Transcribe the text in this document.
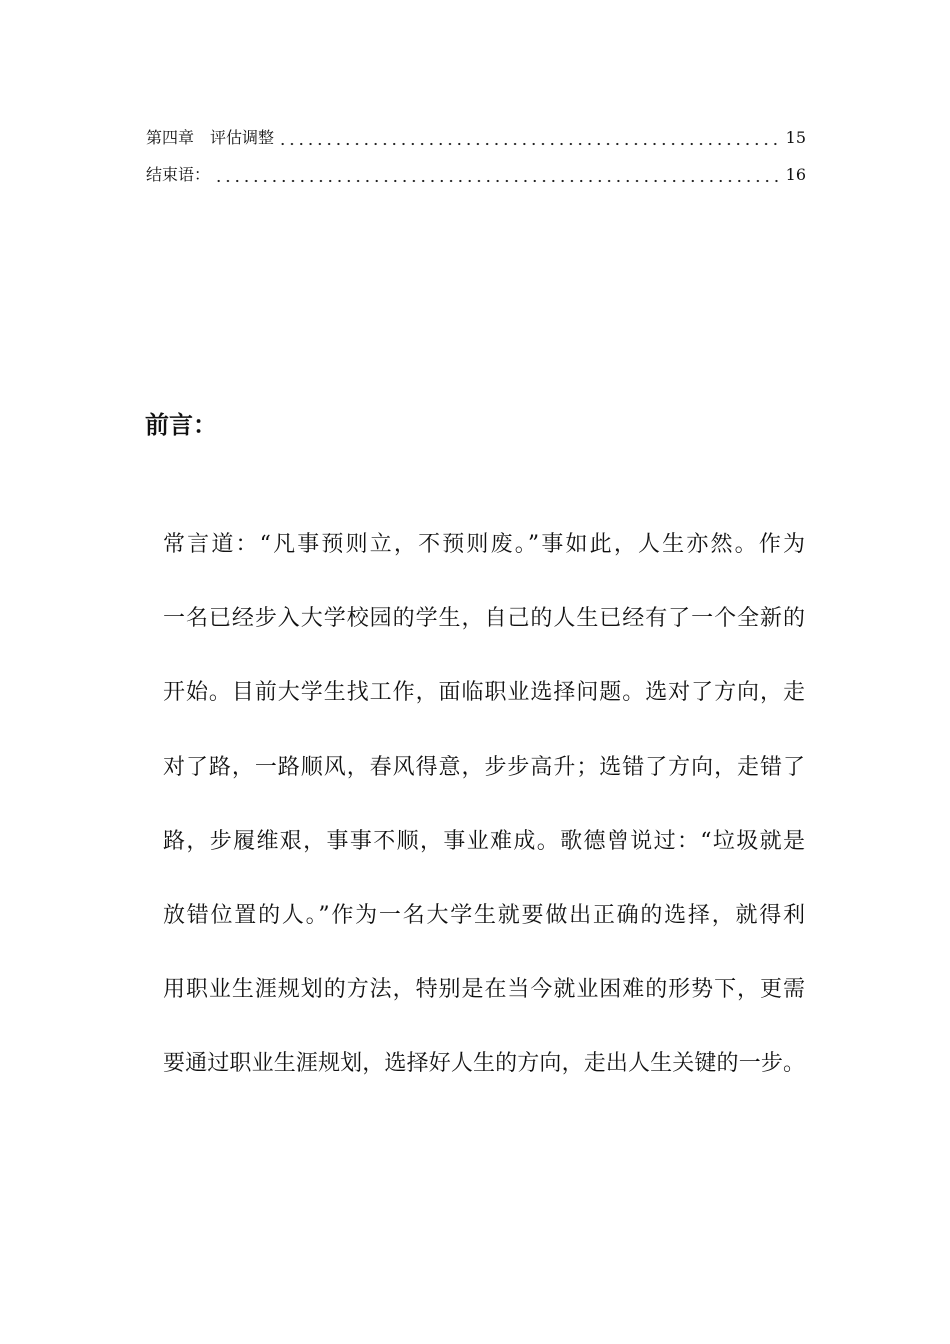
第四章　评估调整	15
结束语：	16
前言：
常言道：“凡事预则立，不预则废。”事如此，人生亦然。作为
一名已经步入大学校园的学生，自己的人生已经有了一个全新的
开始。目前大学生找工作，面临职业选择问题。选对了方向，走
对了路，一路顺风，春风得意，步步高升；选错了方向，走错了
路，步履维艰，事事不顺，事业难成。歌德曾说过：“垃圾就是
放错位置的人。”作为一名大学生就要做出正确的选择，就得利
用职业生涯规划的方法，特别是在当今就业困难的形势下，更需
要通过职业生涯规划，选择好人生的方向，走出人生关键的一步。
